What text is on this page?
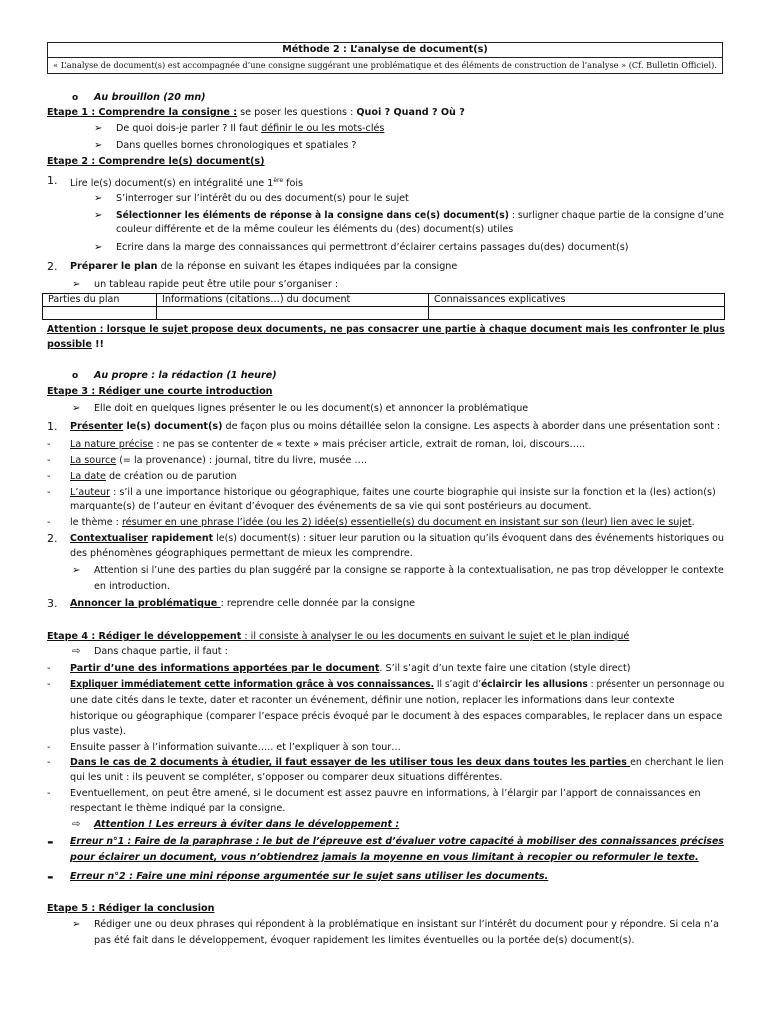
Méthode 2 : L’analyse de document(s)
« L’analyse de document(s) est accompagnée d’une consigne suggérant une problématique et des éléments de construction de l’analyse » (Cf. Bulletin Officiel).
o Au brouillon (20 mn)
Etape 1 : Comprendre la consigne : se poser les questions : Quoi ? Quand ? Où ?
➢ De quoi dois-je parler ? Il faut définir le ou les mots-clés
➢ Dans quelles bornes chronologiques et spatiales ?
Etape 2 : Comprendre le(s) document(s)
1. Lire le(s) document(s) en intégralité une 1ère fois
➢ S’interroger sur l’intérêt du ou des document(s) pour le sujet
➢ Sélectionner les éléments de réponse à la consigne dans ce(s) document(s) : surligner chaque partie de la consigne d’une
couleur différente et de la même couleur les éléments du (des) document(s) utiles
➢ Ecrire dans la marge des connaissances qui permettront d’éclairer certains passages du(des) document(s)
2. Préparer le plan de la réponse en suivant les étapes indiquées par la consigne
➢ un tableau rapide peut être utile pour s’organiser :
Parties du plan	Informations (citations…) du document	Connaissances explicatives

Attention : lorsque le sujet propose deux documents, ne pas consacrer une partie à chaque document mais les confronter le plus
possible !!
o Au propre : la rédaction (1 heure)
Etape 3 : Rédiger une courte introduction
➢ Elle doit en quelques lignes présenter le ou les document(s) et annoncer la problématique
1. Présenter le(s) document(s) de façon plus ou moins détaillée selon la consigne. Les aspects à aborder dans une présentation sont :
- La nature précise : ne pas se contenter de « texte » mais préciser article, extrait de roman, loi, discours…..
- La source (= la provenance) : journal, titre du livre, musée ….
- La date de création ou de parution
- L’auteur : s’il a une importance historique ou géographique, faites une courte biographie qui insiste sur la fonction et la (les) action(s)
marquante(s) de l’auteur en évitant d’évoquer des événements de sa vie qui sont postérieurs au document.
- le thème : résumer en une phrase l’idée (ou les 2) idée(s) essentielle(s) du document en insistant sur son (leur) lien avec le sujet.
2. Contextualiser rapidement le(s) document(s) : situer leur parution ou la situation qu’ils évoquent dans des événements historiques ou
des phénomènes géographiques permettant de mieux les comprendre.
➢ Attention si l’une des parties du plan suggéré par la consigne se rapporte à la contextualisation, ne pas trop développer le contexte
en introduction.
3. Annoncer la problématique : reprendre celle donnée par la consigne
Etape 4 : Rédiger le développement : il consiste à analyser le ou les documents en suivant le sujet et le plan indiqué
⇨ Dans chaque partie, il faut :
- Partir d’une des informations apportées par le document. S’il s’agit d’un texte faire une citation (style direct)
- Expliquer immédiatement cette information grâce à vos connaissances. Il s’agit d’éclaircir les allusions : présenter un personnage ou
une date cités dans le texte, dater et raconter un événement, définir une notion, replacer les informations dans leur contexte
historique ou géographique (comparer l’espace précis évoqué par le document à des espaces comparables, le replacer dans un espace
plus vaste).
- Ensuite passer à l’information suivante….. et l’expliquer à son tour…
- Dans le cas de 2 documents à étudier, il faut essayer de les utiliser tous les deux dans toutes les parties en cherchant le lien
qui les unit : ils peuvent se compléter, s’opposer ou comparer deux situations différentes.
- Eventuellement, on peut être amené, si le document est assez pauvre en informations, à l’élargir par l’apport de connaissances en
respectant le thème indiqué par la consigne.
⇨ Attention ! Les erreurs à éviter dans le développement :
- Erreur n°1 : Faire de la paraphrase : le but de l’épreuve est d’évaluer votre capacité à mobiliser des connaissances précises
pour éclairer un document, vous n’obtiendrez jamais la moyenne en vous limitant à recopier ou reformuler le texte.
- Erreur n°2 : Faire une mini réponse argumentée sur le sujet sans utiliser les documents.
Etape 5 : Rédiger la conclusion
➢ Rédiger une ou deux phrases qui répondent à la problématique en insistant sur l’intérêt du document pour y répondre. Si cela n’a
pas été fait dans le développement, évoquer rapidement les limites éventuelles ou la portée de(s) document(s).
